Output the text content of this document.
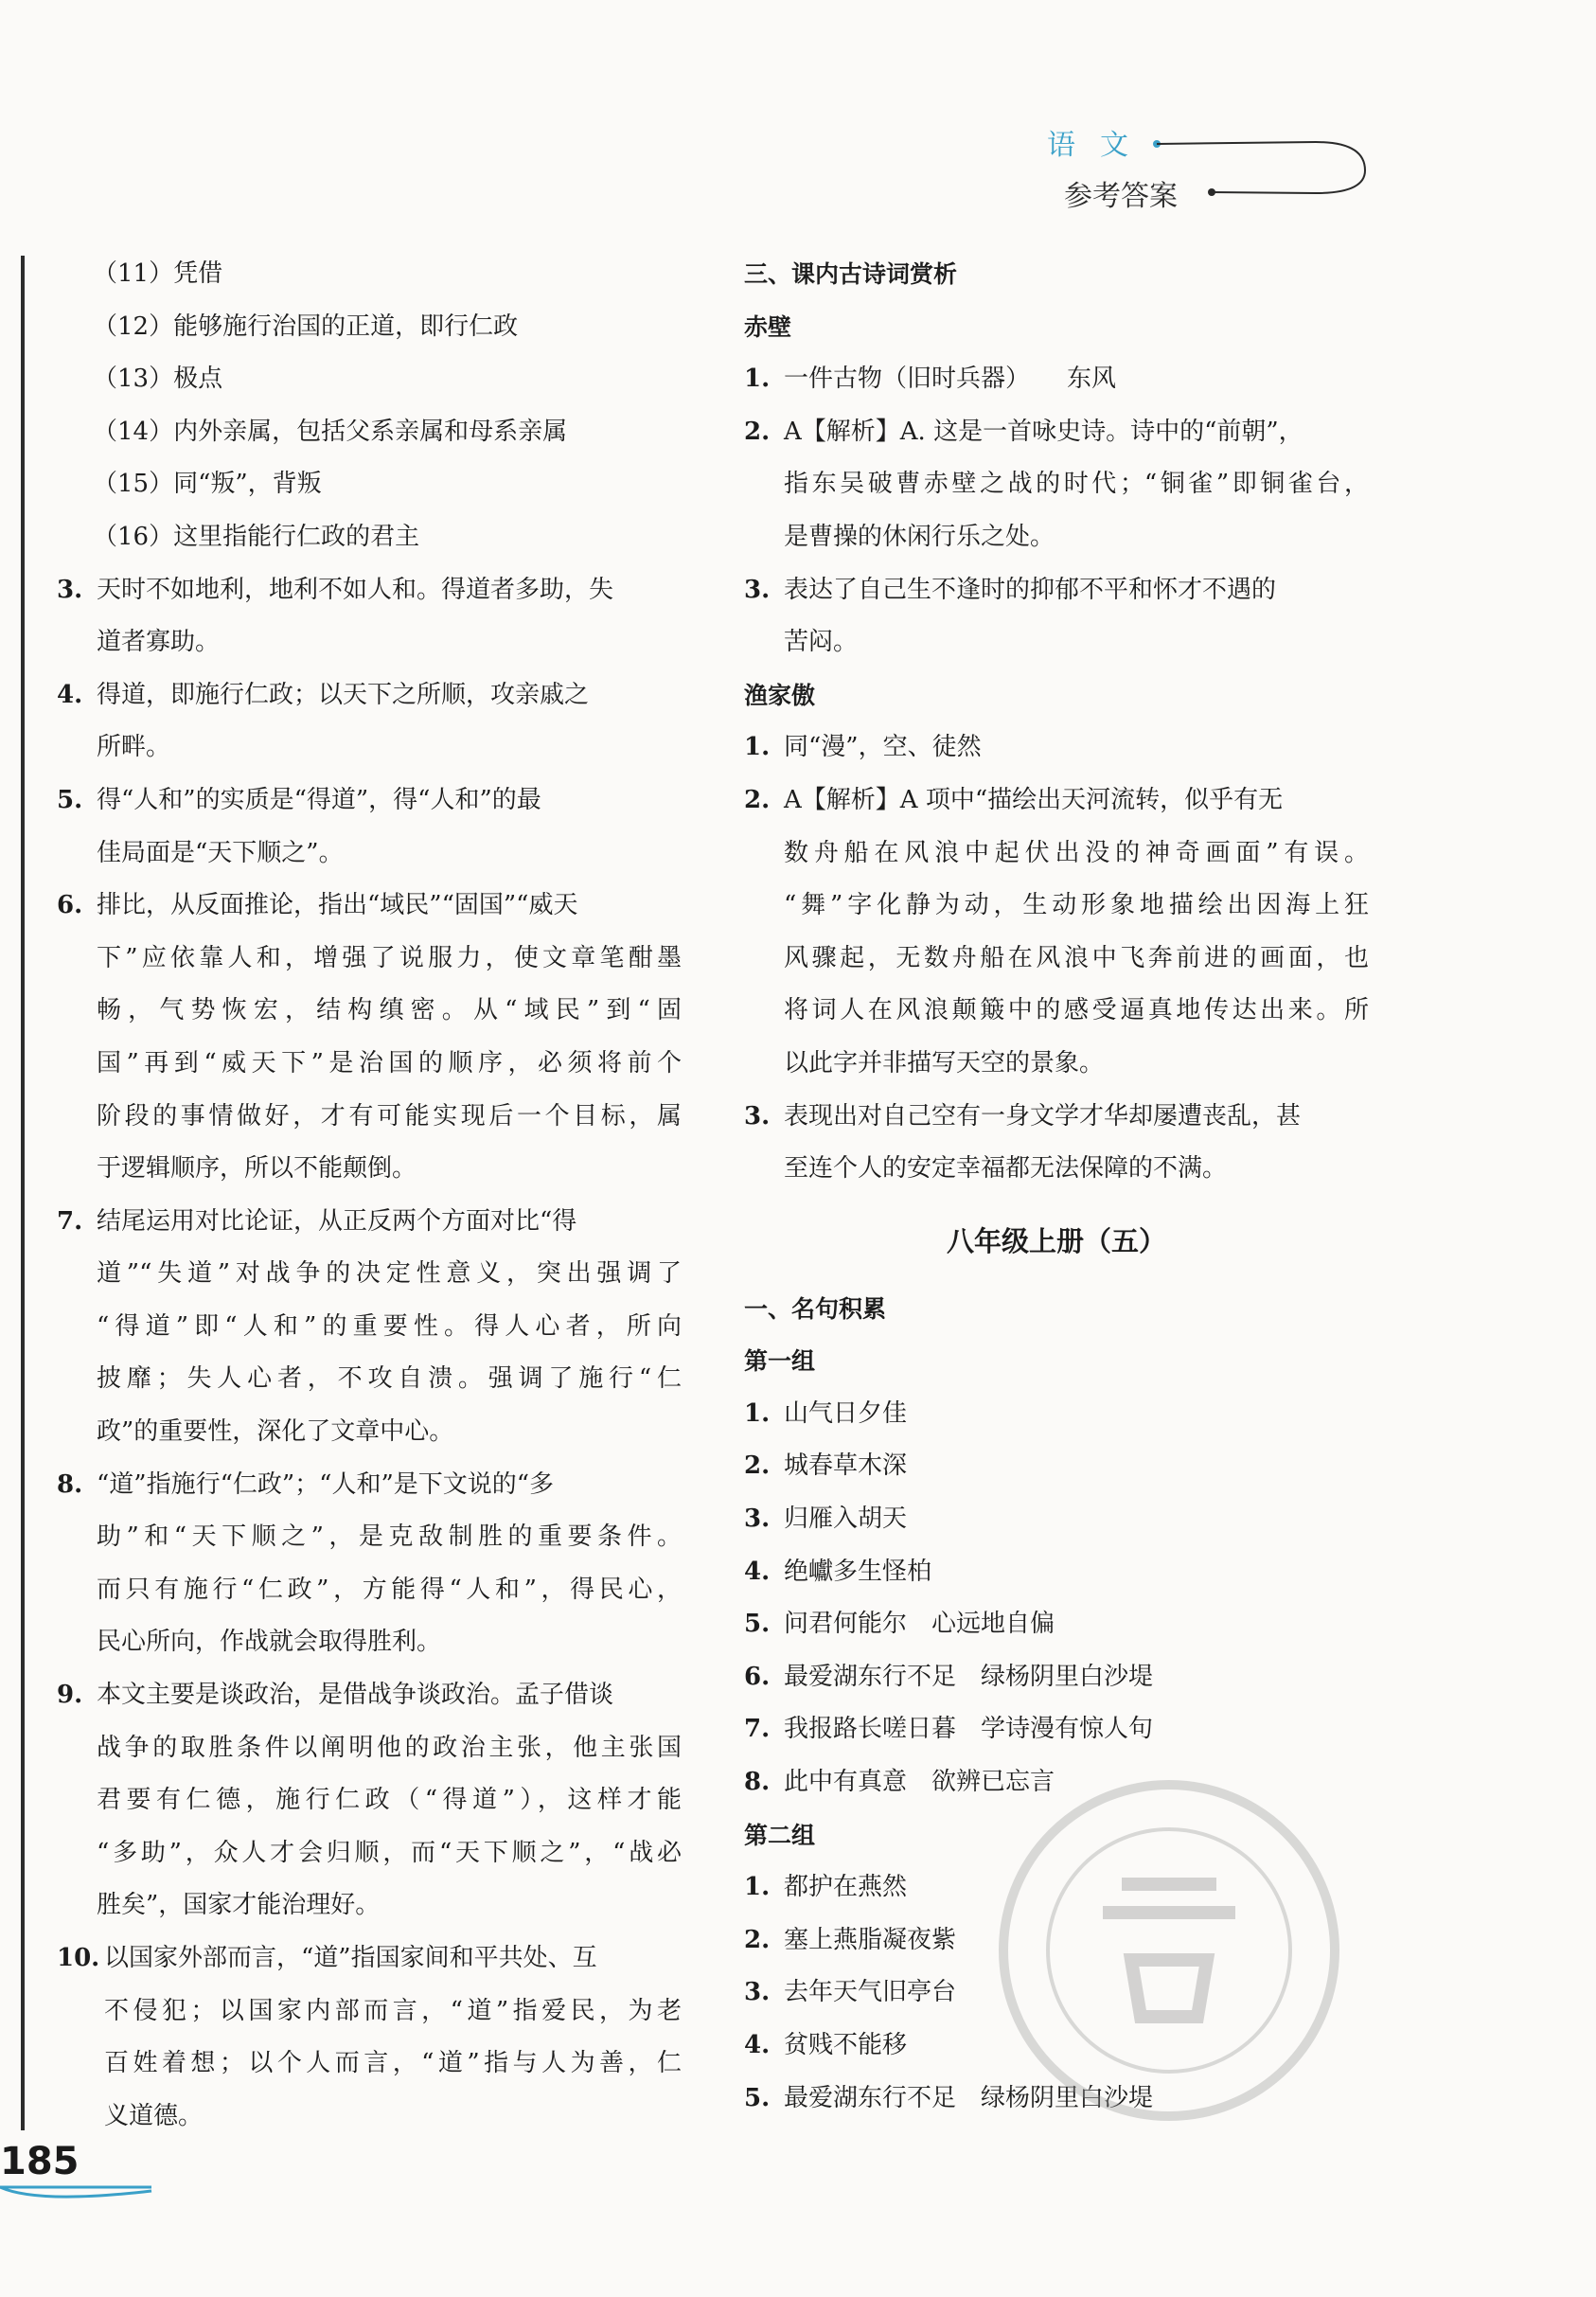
语文
参考答案
（11）凭借
（12）能够施行治国的正道，即行仁政
（13）极点
（14）内外亲属，包括父系亲属和母系亲属
（15）同“叛”，背叛
（16）这里指能行仁政的君主
3. 天时不如地利，地利不如人和。得道者多助，失
道者寡助。
4. 得道，即施行仁政；以天下之所顺，攻亲戚之
所畔。
5. 得“人和”的实质是“得道”，得“人和”的最
佳局面是“天下顺之”。
6. 排比，从反面推论，指出“域民”“固国”“威天
下”应依靠人和，增强了说服力，使文章笔酣墨
畅，气势恢宏，结构缜密。从“域民”到“固
国”再到“威天下”是治国的顺序，必须将前个
阶段的事情做好，才有可能实现后一个目标，属
于逻辑顺序，所以不能颠倒。
7. 结尾运用对比论证，从正反两个方面对比“得
道”“失道”对战争的决定性意义，突出强调了
“得道”即“人和”的重要性。得人心者，所向
披靡；失人心者，不攻自溃。强调了施行“仁
政”的重要性，深化了文章中心。
8. “道”指施行“仁政”；“人和”是下文说的“多
助”和“天下顺之”，是克敌制胜的重要条件。
而只有施行“仁政”，方能得“人和”，得民心，
民心所向，作战就会取得胜利。
9. 本文主要是谈政治，是借战争谈政治。孟子借谈
战争的取胜条件以阐明他的政治主张，他主张国
君要有仁德，施行仁政（“得道”），这样才能
“多助”，众人才会归顺，而“天下顺之”，“战必
胜矣”，国家才能治理好。
10. 以国家外部而言，“道”指国家间和平共处、互
不侵犯；以国家内部而言，“道”指爱民，为老
百姓着想；以个人而言，“道”指与人为善，仁
义道德。
三、课内古诗词赏析
赤壁
1. 一件古物（旧时兵器）　　东风
2. A【解析】A. 这是一首咏史诗。诗中的“前朝”，
指东吴破曹赤壁之战的时代；“铜雀”即铜雀台，
是曹操的休闲行乐之处。
3. 表达了自己生不逢时的抑郁不平和怀才不遇的
苦闷。
渔家傲
1. 同“漫”，空、徒然
2. A【解析】A 项中“描绘出天河流转，似乎有无
数舟船在风浪中起伏出没的神奇画面”有误。
“舞”字化静为动，生动形象地描绘出因海上狂
风骤起，无数舟船在风浪中飞奔前进的画面，也
将词人在风浪颠簸中的感受逼真地传达出来。所
以此字并非描写天空的景象。
3. 表现出对自己空有一身文学才华却屡遭丧乱，甚
至连个人的安定幸福都无法保障的不满。
八年级上册（五）
一、名句积累
第一组
1. 山气日夕佳
2. 城春草木深
3. 归雁入胡天
4. 绝巘多生怪柏
5. 问君何能尔　心远地自偏
6. 最爱湖东行不足　绿杨阴里白沙堤
7. 我报路长嗟日暮　学诗漫有惊人句
8. 此中有真意　欲辨已忘言
第二组
1. 都护在燕然
2. 塞上燕脂凝夜紫
3. 去年天气旧亭台
4. 贫贱不能移
5. 最爱湖东行不足　绿杨阴里白沙堤
185
